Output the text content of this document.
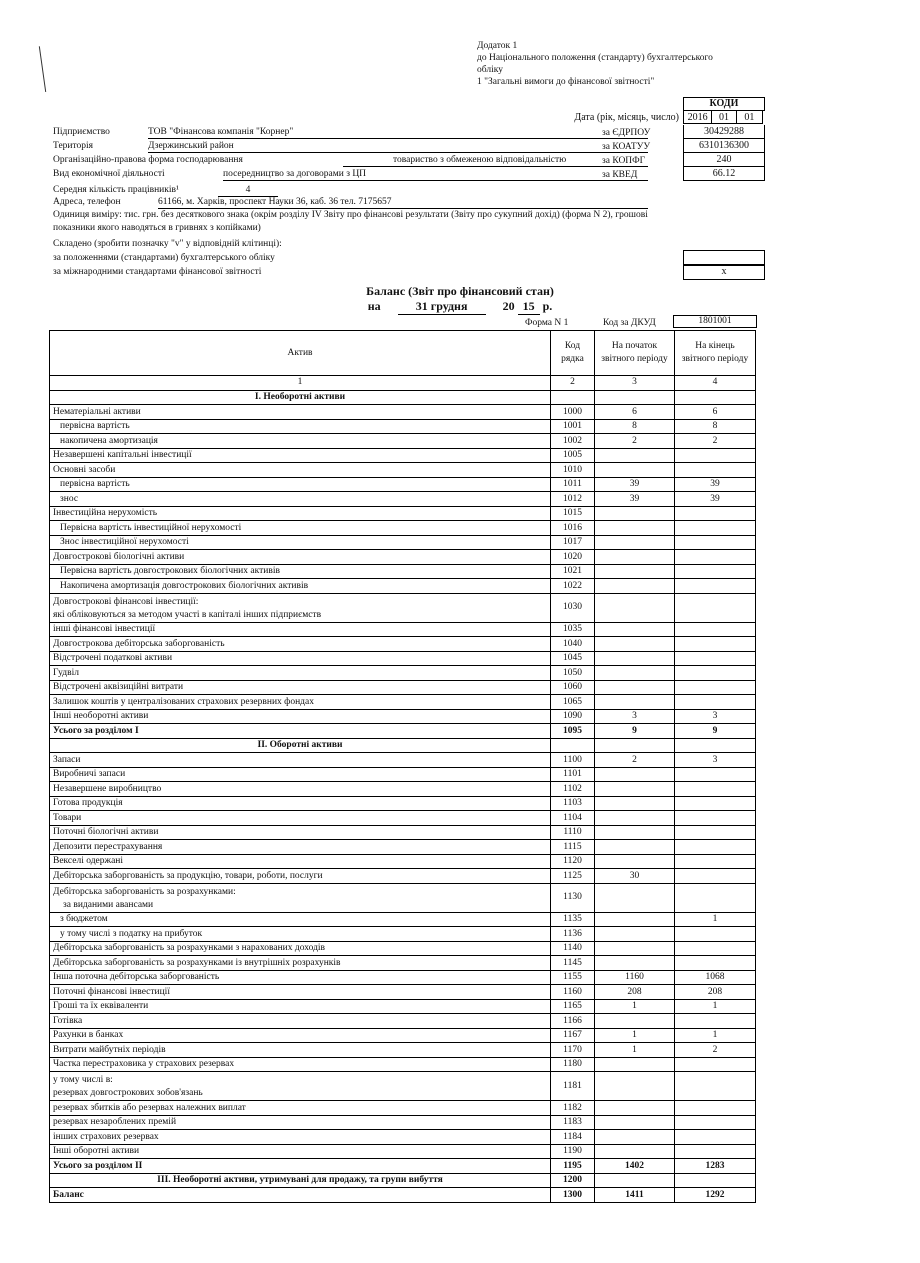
Додаток 1
до Національного положення (стандарту) бухгалтерського
обліку
1 "Загальні вимоги до фінансової звітності"
КОДИ
Дата (рік, місяць, число) 2016	01	01
30429288
6310136300
240
66.12
Підприємство	ТОВ "Фінансова компанія "Корнер"	за ЄДРПОУ
Територія	Дзержинський район	за КОАТУУ
Організаційно-правова форма господарювання	товариство з обмеженою відповідальністю	за КОПФГ
Вид економічної діяльності	посередництво за договорами з ЦП	за КВЕД
Середня кількість працівників¹	4
Адреса, телефон	61166, м. Харків, проспект Науки 36, каб. 36 тел. 7175657
Одиниця виміру: тис. грн. без десяткового знака (окрім розділу IV Звіту про фінансові результати (Звіту про сукупний дохід) (форма N 2), грошові
показники якого наводяться в гривнях з копійками)
Складено (зробити позначку "v" у відповідній клітинці):
за положеннями (стандартами) бухгалтерського обліку
за міжнародними стандартами фінансової звітності	x
Баланс (Звіт про фінансовий стан)
на	31 грудня	20 15 р.
Форма N 1	Код за ДКУД	1801001
Актив	Код рядка	На початок звітного періоду	На кінець звітного періоду
1	2	3	4
I. Необоротні активи			
Нематеріальні активи	1000	6	6
первісна вартість	1001	8	8
накопичена амортизація	1002	2	2
Незавершені капітальні інвестиції	1005		
Основні засоби	1010		
первісна вартість	1011	39	39
знос	1012	39	39
Інвестиційна нерухомість	1015		
Первісна вартість інвестиційної нерухомості	1016		
Знос інвестиційної нерухомості	1017		
Довгострокові біологічні активи	1020		
Первісна вартість довгострокових біологічних активів	1021		
Накопичена амортизація довгострокових біологічних активів	1022		

Довгострокові фінансові інвестиції:
які обліковуються за методом участі в капіталі інших підприємств	1030		
інші фінансові інвестиції	1035		
Довгострокова дебіторська заборгованість	1040		
Відстрочені податкові активи	1045		
Гудвіл	1050		
Відстрочені аквізиційні витрати	1060		
Залишок коштів у централізованих страхових резервних фондах	1065		
Інші необоротні активи	1090	3	3
Усього за розділом I	1095	9	9
II. Оборотні активи			
Запаси	1100	2	3
Виробничі запаси	1101		
Незавершене виробництво	1102		
Готова продукція	1103		
Товари	1104		
Поточні біологічні активи	1110		
Депозити перестрахування	1115		
Векселі одержані	1120		
Дебіторська заборгованість за продукцію, товари, роботи, послуги	1125	30	

Дебіторська заборгованість за розрахунками:
за виданими авансами	1130		
з бюджетом	1135		1
у тому числі з податку на прибуток	1136		
Дебіторська заборгованість за розрахунками з нарахованих доходів	1140		
Дебіторська заборгованість за розрахунками із внутрішніх розрахунків	1145		
Інша поточна дебіторська заборгованість	1155	1160	1068
Поточні фінансові інвестиції	1160	208	208
Гроші та їх еквіваленти	1165	1	1
Готівка	1166		
Рахунки в банках	1167	1	1
Витрати майбутніх періодів	1170	1	2
Частка перестраховика у страхових резервах	1180		

у тому числі в:
резервах довгострокових зобов'язань	1181		
резервах збитків або резервах належних виплат	1182		
резервах незароблених премій	1183		
інших страхових резервах	1184		
Інші оборотні активи	1190		
Усього за розділом II	1195	1402	1283
III. Необоротні активи, утримувані для продажу, та групи вибуття	1200		
Баланс	1300	1411	1292
